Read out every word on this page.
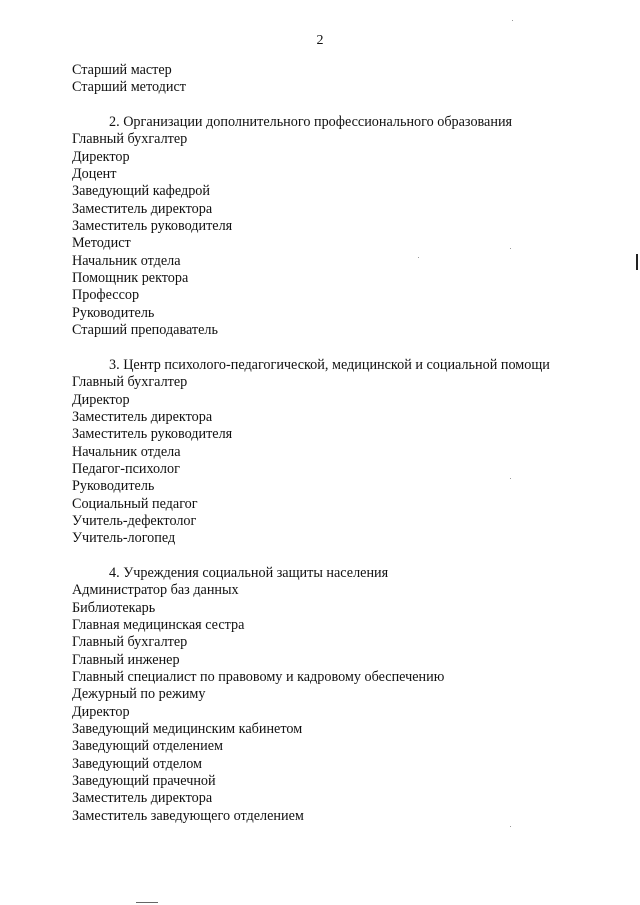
2
Старший мастер
Старший методист
2. Организации дополнительного профессионального образования
Главный бухгалтер
Директор
Доцент
Заведующий кафедрой
Заместитель директора
Заместитель руководителя
Методист
Начальник отдела
Помощник ректора
Профессор
Руководитель
Старший преподаватель
3. Центр психолого-педагогической, медицинской и социальной помощи
Главный бухгалтер
Директор
Заместитель директора
Заместитель руководителя
Начальник отдела
Педагог-психолог
Руководитель
Социальный педагог
Учитель-дефектолог
Учитель-логопед
4. Учреждения социальной защиты населения
Администратор баз данных
Библиотекарь
Главная медицинская сестра
Главный бухгалтер
Главный инженер
Главный специалист по правовому и кадровому обеспечению
Дежурный по режиму
Директор
Заведующий медицинским кабинетом
Заведующий отделением
Заведующий отделом
Заведующий прачечной
Заместитель директора
Заместитель заведующего отделением
